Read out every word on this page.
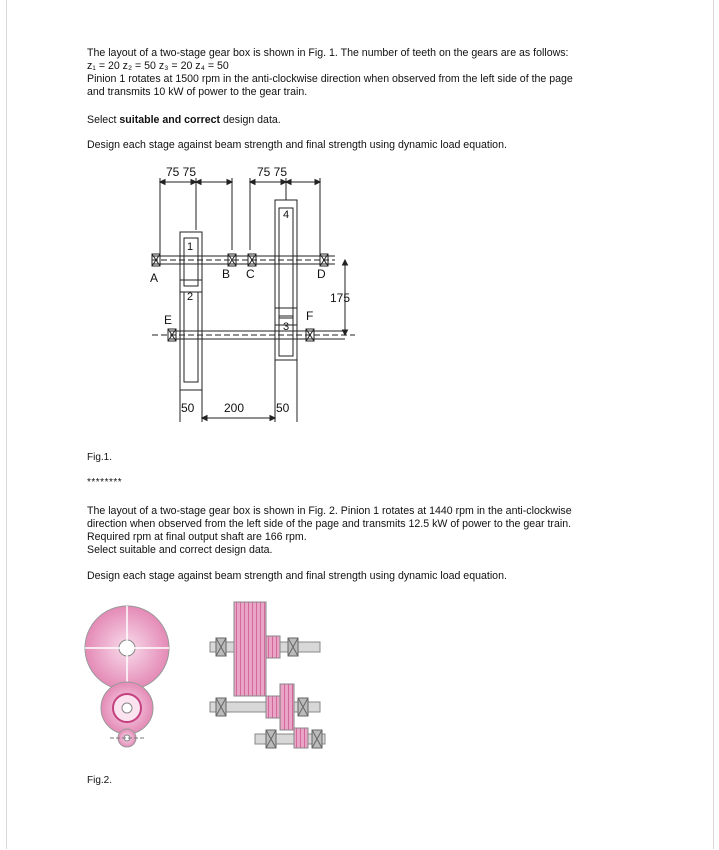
The layout of a two-stage gear box is shown in Fig. 1. The number of teeth on the gears are as follows:
z₁ = 20 z₂ = 50 z₃ = 20 z₄ = 50
Pinion 1 rotates at 1500 rpm in the anti-clockwise direction when observed from the left side of the page
and transmits 10 kW of power to the gear train.
Select suitable and correct design data.
Design each stage against beam strength and final strength using dynamic load equation.
75 75	75 75
4
1
2
3
A	B C	D
E	F
175
50 200	50
Fig.1.
********
The layout of a two-stage gear box is shown in Fig. 2. Pinion 1 rotates at 1440 rpm in the anti-clockwise
direction when observed from the left side of the page and transmits 12.5 kW of power to the gear train.
Required rpm at final output shaft are 166 rpm.
Select suitable and correct design data.
Design each stage against beam strength and final strength using dynamic load equation.
Fig.2.
